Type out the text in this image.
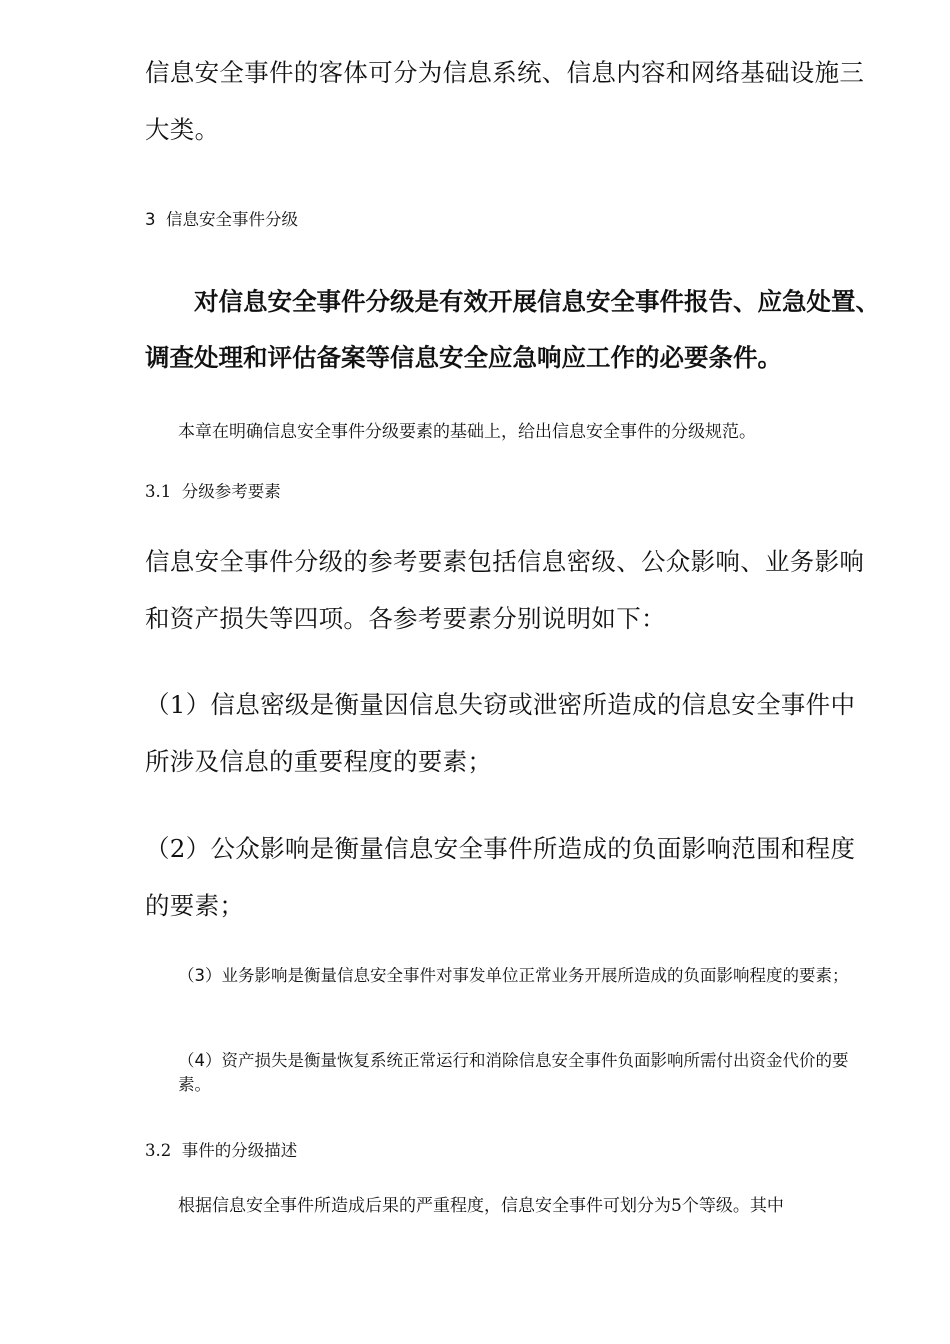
信息安全事件的客体可分为信息系统、信息内容和网络基础设施三大类。

3 信息安全事件分级

对信息安全事件分级是有效开展信息安全事件报告、应急处置、调查处理和评估备案等信息安全应急响应工作的必要条件。

本章在明确信息安全事件分级要素的基础上，给出信息安全事件的分级规范。

3.1 分级参考要素

信息安全事件分级的参考要素包括信息密级、公众影响、业务影响和资产损失等四项。各参考要素分别说明如下：

（1）信息密级是衡量因信息失窃或泄密所造成的信息安全事件中所涉及信息的重要程度的要素；

（2）公众影响是衡量信息安全事件所造成的负面影响范围和程度的要素；

（3）业务影响是衡量信息安全事件对事发单位正常业务开展所造成的负面影响程度的要素；

（4）资产损失是衡量恢复系统正常运行和消除信息安全事件负面影响所需付出资金代价的要素。

3.2 事件的分级描述

根据信息安全事件所造成后果的严重程度，信息安全事件可划分为5个等级。其中
